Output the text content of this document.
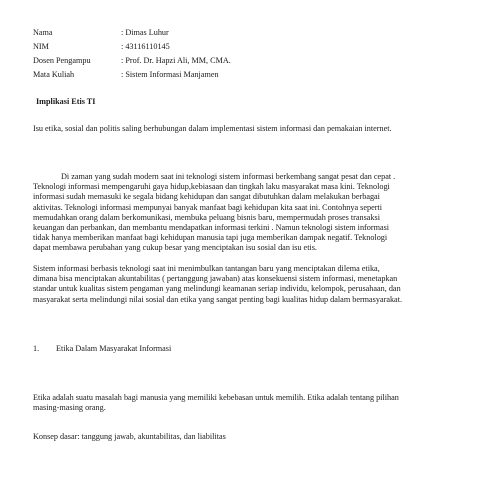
Nama	: Dimas Luhur
NIM	: 43116110145
Dosen Pengampu	: Prof. Dr. Hapzi Ali, MM, CMA.
Mata Kuliah	: Sistem Informasi Manjamen
Implikasi Etis TI

Isu etika, sosial dan politis saling berhubungan dalam implementasi sistem informasi dan pemakaian internet.

Di zaman yang sudah modern saat ini teknologi sistem informasi berkembang sangat pesat dan cepat .
Teknologi informasi mempengaruhi gaya hidup,kebiasaan dan tingkah laku masyarakat masa kini. Teknologi
informasi sudah memasuki ke segala bidang kehidupan dan sangat dibutuhkan dalam melakukan berbagai
aktivitas. Teknologi informasi mempunyai banyak manfaat bagi kehidupan kita saat ini. Contohnya seperti
memudahkan orang dalam berkomunikasi, membuka peluang bisnis baru, mempermudah proses transaksi
keuangan dan perbankan, dan membantu mendapatkan informasi terkini . Namun teknologi sistem informasi
tidak hanya memberikan manfaat bagi kehidupan manusia tapi juga memberikan dampak negatif. Teknologi
dapat membawa perubahan yang cukup besar yang menciptakan isu sosial dan isu etis.

Sistem informasi berbasis teknologi saat ini menimbulkan tantangan baru yang menciptakan dilema etika,
dimana bisa menciptakan akuntabilitas ( pertanggung jawaban) atas konsekuensi sistem informasi, menetapkan
standar untuk kualitas sistem pengaman yang melindungi keamanan seriap individu, kelompok, perusahaan, dan
masyarakat serta melindungi nilai sosial dan etika yang sangat penting bagi kualitas hidup dalam bermasyarakat.

1. Etika Dalam Masyarakat Informasi

Etika adalah suatu masalah bagi manusia yang memiliki kebebasan untuk memilih. Etika adalah tentang pilihan
masing-masing orang.

Konsep dasar: tanggung jawab, akuntabilitas, dan liabilitas
